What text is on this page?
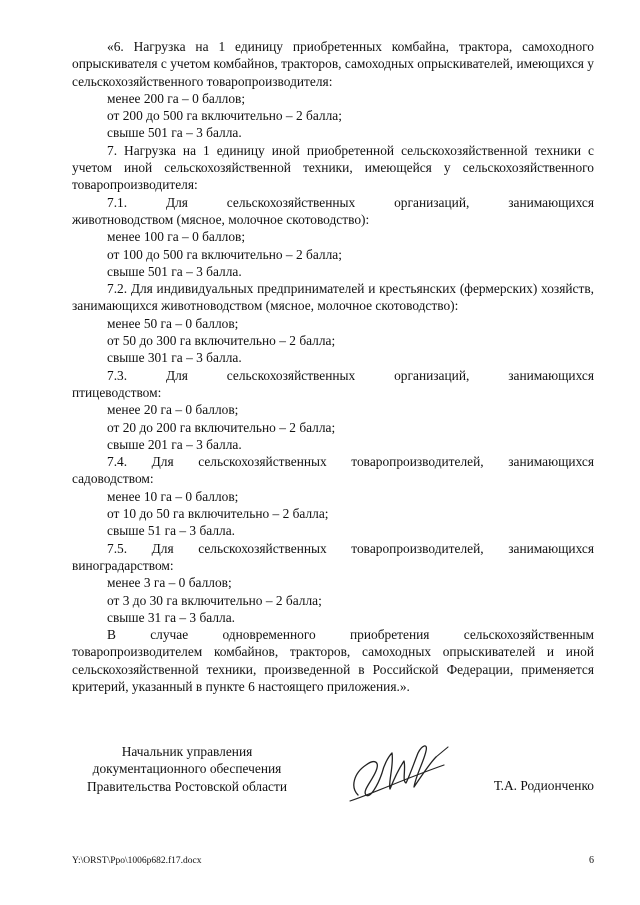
«6. Нагрузка на 1 единицу приобретенных комбайна, трактора, самоходного опрыскивателя с учетом комбайнов, тракторов, самоходных опрыскивателей, имеющихся у сельскохозяйственного товаропроизводителя:

менее 200 га – 0 баллов;

от 200 до 500 га включительно – 2 балла;

свыше 501 га – 3 балла.

7. Нагрузка на 1 единицу иной приобретенной сельскохозяйственной техники с учетом иной сельскохозяйственной техники, имеющейся у сельскохозяйственного товаропроизводителя:

7.1. Для сельскохозяйственных организаций, занимающихся

животноводством (мясное, молочное скотоводство):

менее 100 га – 0 баллов;

от 100 до 500 га включительно – 2 балла;

свыше 501 га – 3 балла.

7.2. Для индивидуальных предпринимателей и крестьянских (фермерских) хозяйств, занимающихся животноводством (мясное, молочное скотоводство):

менее 50 га – 0 баллов;

от 50 до 300 га включительно – 2 балла;

свыше 301 га – 3 балла.

7.3. Для сельскохозяйственных организаций, занимающихся

птицеводством:

менее 20 га – 0 баллов;

от 20 до 200 га включительно – 2 балла;

свыше 201 га – 3 балла.

7.4. Для сельскохозяйственных товаропроизводителей, занимающихся

садоводством:

менее 10 га – 0 баллов;

от 10 до 50 га включительно – 2 балла;

свыше 51 га – 3 балла.

7.5. Для сельскохозяйственных товаропроизводителей, занимающихся

виноградарством:

менее 3 га – 0 баллов;

от 3 до 30 га включительно – 2 балла;

свыше 31 га – 3 балла.

В случае одновременного приобретения сельскохозяйственным товаропроизводителем комбайнов, тракторов, самоходных опрыскивателей и иной сельскохозяйственной техники, произведенной в Российской Федерации, применяется критерий, указанный в пункте 6 настоящего приложения.».

Начальник управления
документационного обеспечения
Правительства Ростовской области	Т.А. Родионченко
Y:\ORST\Ppo\1006p682.f17.docx	6
